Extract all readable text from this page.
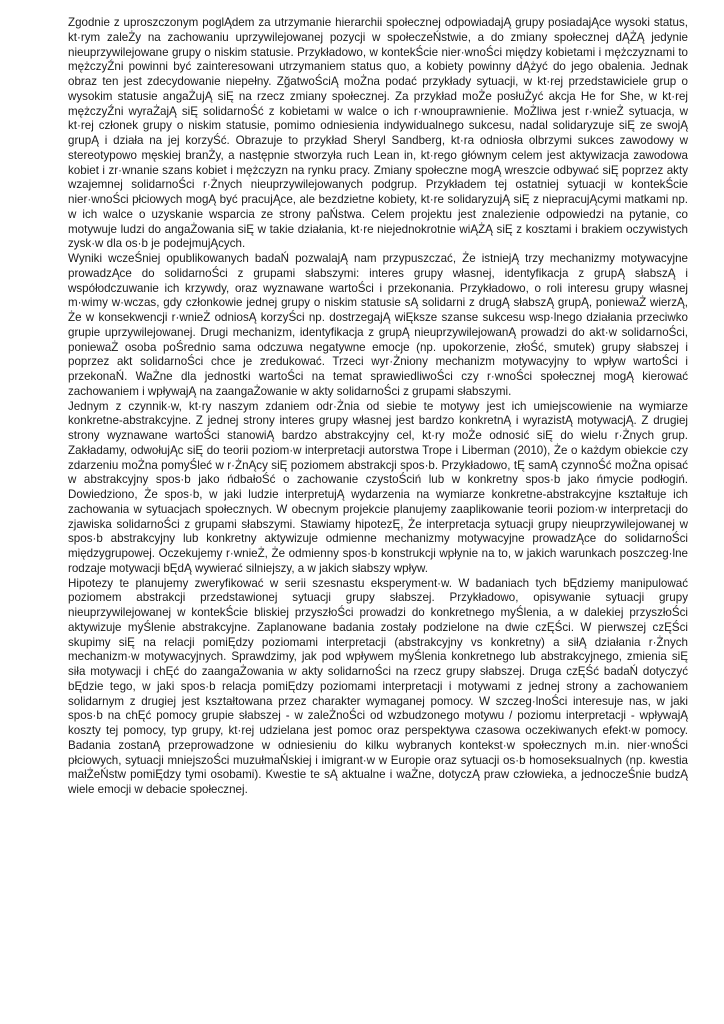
Zgodnie z uproszczonym poglĄdem za utrzymanie hierarchii społecznej odpowiadajĄ grupy posiadajĄce wysoki status, kt·rym zaleŻy na zachowaniu uprzywilejowanej pozycji w społeczeŃstwie, a do zmiany społecznej dĄŻĄ jedynie nieuprzywilejowane grupy o niskim statusie. Przykładowo, w kontekŚcie nier·wnoŚci między kobietami i mężczyznami to mężczyŹni powinni być zainteresowani utrzymaniem status quo, a kobiety powinny dĄżyć do jego obalenia. Jednak obraz ten jest zdecydowanie niepełny. ZğatwoŚciĄ moŻna podać przykłady sytuacji, w kt·rej przedstawiciele grup o wysokim statusie angaŻujĄ siĘ na rzecz zmiany społecznej. Za przykład moŻe posłuŻyć akcja He for She, w kt·rej mężczyŹni wyraŻajĄ siĘ solidarnoŚć z kobietami w walce o ich r·wnouprawnienie. MoŻliwa jest r·wnieŻ sytuacja, w kt·rej członek grupy o niskim statusie, pomimo odniesienia indywidualnego sukcesu, nadal solidaryzuje siĘ ze swojĄ grupĄ i działa na jej korzyŚć. Obrazuje to przykład Sheryl Sandberg, kt·ra odniosła olbrzymi sukces zawodowy w stereotypowo męskiej branŻy, a następnie stworzyła ruch Lean in, kt·rego głównym celem jest aktywizacja zawodowa kobiet i zr·wnanie szans kobiet i mężczyzn na rynku pracy. Zmiany społeczne mogĄ wreszcie odbywać siĘ poprzez akty wzajemnej solidarnoŚci r·Żnych nieuprzywilejowanych podgrup. Przykładem tej ostatniej sytuacji w kontekŚcie nier·wnoŚci płciowych mogĄ być pracujĄce, ale bezdzietne kobiety, kt·re solidaryzujĄ siĘ z niepracujĄcymi matkami np. w ich walce o uzyskanie wsparcia ze strony paŃstwa. Celem projektu jest znalezienie odpowiedzi na pytanie, co motywuje ludzi do angaŻowania siĘ w takie działania, kt·re niejednokrotnie wiĄŻĄ siĘ z kosztami i brakiem oczywistych zysk·w dla os·b je podejmujĄcych.

Wyniki wczeŚniej opublikowanych badaŃ pozwalajĄ nam przypuszczać, Że istniejĄ trzy mechanizmy motywacyjne prowadzĄce do solidarnoŚci z grupami słabszymi: interes grupy własnej, identyfikacja z grupĄ słabszĄ i współodczuwanie ich krzywdy, oraz wyznawane wartoŚci i przekonania. Przykładowo, o roli interesu grupy własnej m·wimy w·wczas, gdy członkowie jednej grupy o niskim statusie sĄ solidarni z drugĄ słabszĄ grupĄ, poniewaŻ wierzĄ, Że w konsekwencji r·wnieŻ odniosĄ korzyŚci np. dostrzegajĄ wiĘksze szanse sukcesu wsp·lnego działania przeciwko grupie uprzywilejowanej. Drugi mechanizm, identyfikacja z grupĄ nieuprzywilejowanĄ prowadzi do akt·w solidarnoŚci, poniewaŻ osoba poŚrednio sama odczuwa negatywne emocje (np. upokorzenie, złoŚć, smutek) grupy słabszej i poprzez akt solidarnoŚci chce je zredukować. Trzeci wyr·Żniony mechanizm motywacyjny to wpływ wartoŚci i przekonaŃ. WaŻne dla jednostki wartoŚci na temat sprawiedliwoŚci czy r·wnoŚci społecznej mogĄ kierować zachowaniem i wpływajĄ na zaangaŻowanie w akty solidarnoŚci z grupami słabszymi.

Jednym z czynnik·w, kt·ry naszym zdaniem odr·Żnia od siebie te motywy jest ich umiejscowienie na wymiarze konkretne-abstrakcyjne. Z jednej strony interes grupy własnej jest bardzo konkretnĄ i wyrazistĄ motywacjĄ. Z drugiej strony wyznawane wartoŚci stanowiĄ bardzo abstrakcyjny cel, kt·ry moŻe odnosić siĘ do wielu r·Żnych grup. Zakładamy, odwołujĄc siĘ do teorii poziom·w interpretacji autorstwa Trope i Liberman (2010), Że o każdym obiekcie czy zdarzeniu moŻna pomyŚleć w r·ŻnĄcy siĘ poziomem abstrakcji spos·b. Przykładowo, tĘ samĄ czynnoŚć moŻna opisać w abstrakcyjny spos·b jako ńdbałoŚć o zachowanie czystoŚciń lub w konkretny spos·b jako ńmycie podłogiń. Dowiedziono, Że spos·b, w jaki ludzie interpretujĄ wydarzenia na wymiarze konkretne-abstrakcyjne kształtuje ich zachowania w sytuacjach społecznych. W obecnym projekcie planujemy zaaplikowanie teorii poziom·w interpretacji do zjawiska solidarnoŚci z grupami słabszymi. Stawiamy hipotezĘ, Że interpretacja sytuacji grupy nieuprzywilejowanej w spos·b abstrakcyjny lub konkretny aktywizuje odmienne mechanizmy motywacyjne prowadzĄce do solidarnoŚci międzygrupowej. Oczekujemy r·wnieŻ, Że odmienny spos·b konstrukcji wpłynie na to, w jakich warunkach poszczeg·lne rodzaje motywacji bĘdĄ wywierać silniejszy, a w jakich słabszy wpływ.

Hipotezy te planujemy zweryfikować w serii szesnastu eksperyment·w. W badaniach tych bĘdziemy manipulować poziomem abstrakcji przedstawionej sytuacji grupy słabszej. Przykładowo, opisywanie sytuacji grupy nieuprzywilejowanej w kontekŚcie bliskiej przyszłoŚci prowadzi do konkretnego myŚlenia, a w dalekiej przyszłoŚci aktywizuje myŚlenie abstrakcyjne. Zaplanowane badania zostały podzielone na dwie czĘŚci. W pierwszej czĘŚci skupimy siĘ na relacji pomiĘdzy poziomami interpretacji (abstrakcyjny vs konkretny) a siłĄ działania r·Żnych mechanizm·w motywacyjnych. Sprawdzimy, jak pod wpływem myŚlenia konkretnego lub abstrakcyjnego, zmienia siĘ siła motywacji i chĘć do zaangaŻowania w akty solidarnoŚci na rzecz grupy słabszej. Druga czĘŚć badaŃ dotyczyć bĘdzie tego, w jaki spos·b relacja pomiĘdzy poziomami interpretacji i motywami z jednej strony a zachowaniem solidarnym z drugiej jest kształtowana przez charakter wymaganej pomocy. W szczeg·lnoŚci interesuje nas, w jaki spos·b na chĘć pomocy grupie słabszej - w zaleŻnoŚci od wzbudzonego motywu / poziomu interpretacji - wpływajĄ koszty tej pomocy, typ grupy, kt·rej udzielana jest pomoc oraz perspektywa czasowa oczekiwanych efekt·w pomocy. Badania zostanĄ przeprowadzone w odniesieniu do kilku wybranych kontekst·w społecznych m.in. nier·wnoŚci płciowych, sytuacji mniejszoŚci muzułmaŃskiej i imigrant·w w Europie oraz sytuacji os·b homoseksualnych (np. kwestia małŻeŃstw pomiĘdzy tymi osobami). Kwestie te sĄ aktualne i waŻne, dotyczĄ praw człowieka, a jednoczeŚnie budzĄ wiele emocji w debacie społecznej.
